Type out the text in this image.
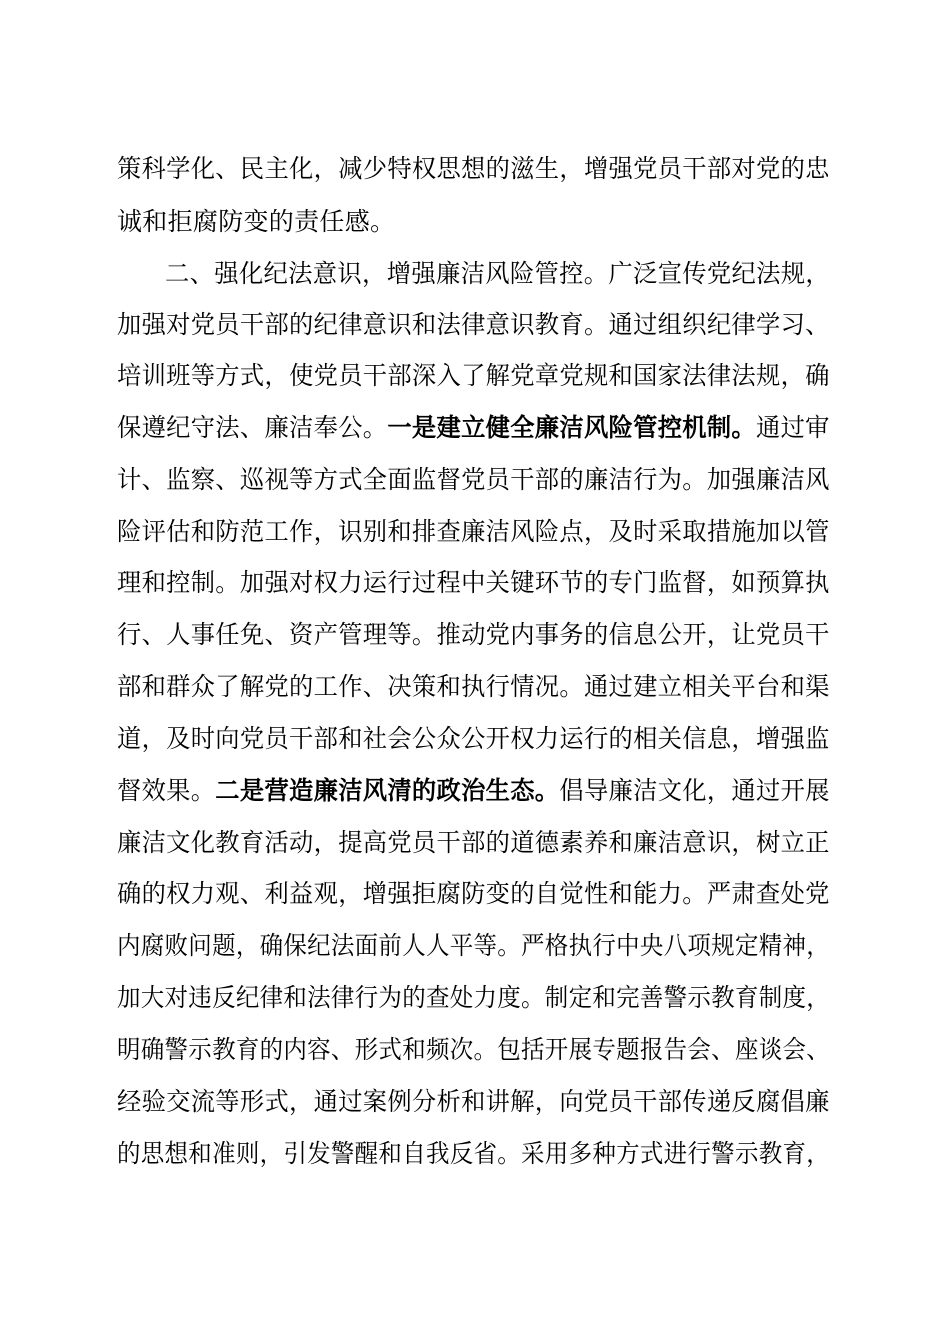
策科学化、民主化，减少特权思想的滋生，增强党员干部对党的忠
诚和拒腐防变的责任感。
二、强化纪法意识，增强廉洁风险管控。广泛宣传党纪法规，
加强对党员干部的纪律意识和法律意识教育。通过组织纪律学习、
培训班等方式，使党员干部深入了解党章党规和国家法律法规，确
保遵纪守法、廉洁奉公。一是建立健全廉洁风险管控机制。通过审
计、监察、巡视等方式全面监督党员干部的廉洁行为。加强廉洁风
险评估和防范工作，识别和排查廉洁风险点，及时采取措施加以管
理和控制。加强对权力运行过程中关键环节的专门监督，如预算执
行、人事任免、资产管理等。推动党内事务的信息公开，让党员干
部和群众了解党的工作、决策和执行情况。通过建立相关平台和渠
道，及时向党员干部和社会公众公开权力运行的相关信息，增强监
督效果。二是营造廉洁风清的政治生态。倡导廉洁文化，通过开展
廉洁文化教育活动，提高党员干部的道德素养和廉洁意识，树立正
确的权力观、利益观，增强拒腐防变的自觉性和能力。严肃查处党
内腐败问题，确保纪法面前人人平等。严格执行中央八项规定精神，
加大对违反纪律和法律行为的查处力度。制定和完善警示教育制度，
明确警示教育的内容、形式和频次。包括开展专题报告会、座谈会、
经验交流等形式，通过案例分析和讲解，向党员干部传递反腐倡廉
的思想和准则，引发警醒和自我反省。采用多种方式进行警示教育，
